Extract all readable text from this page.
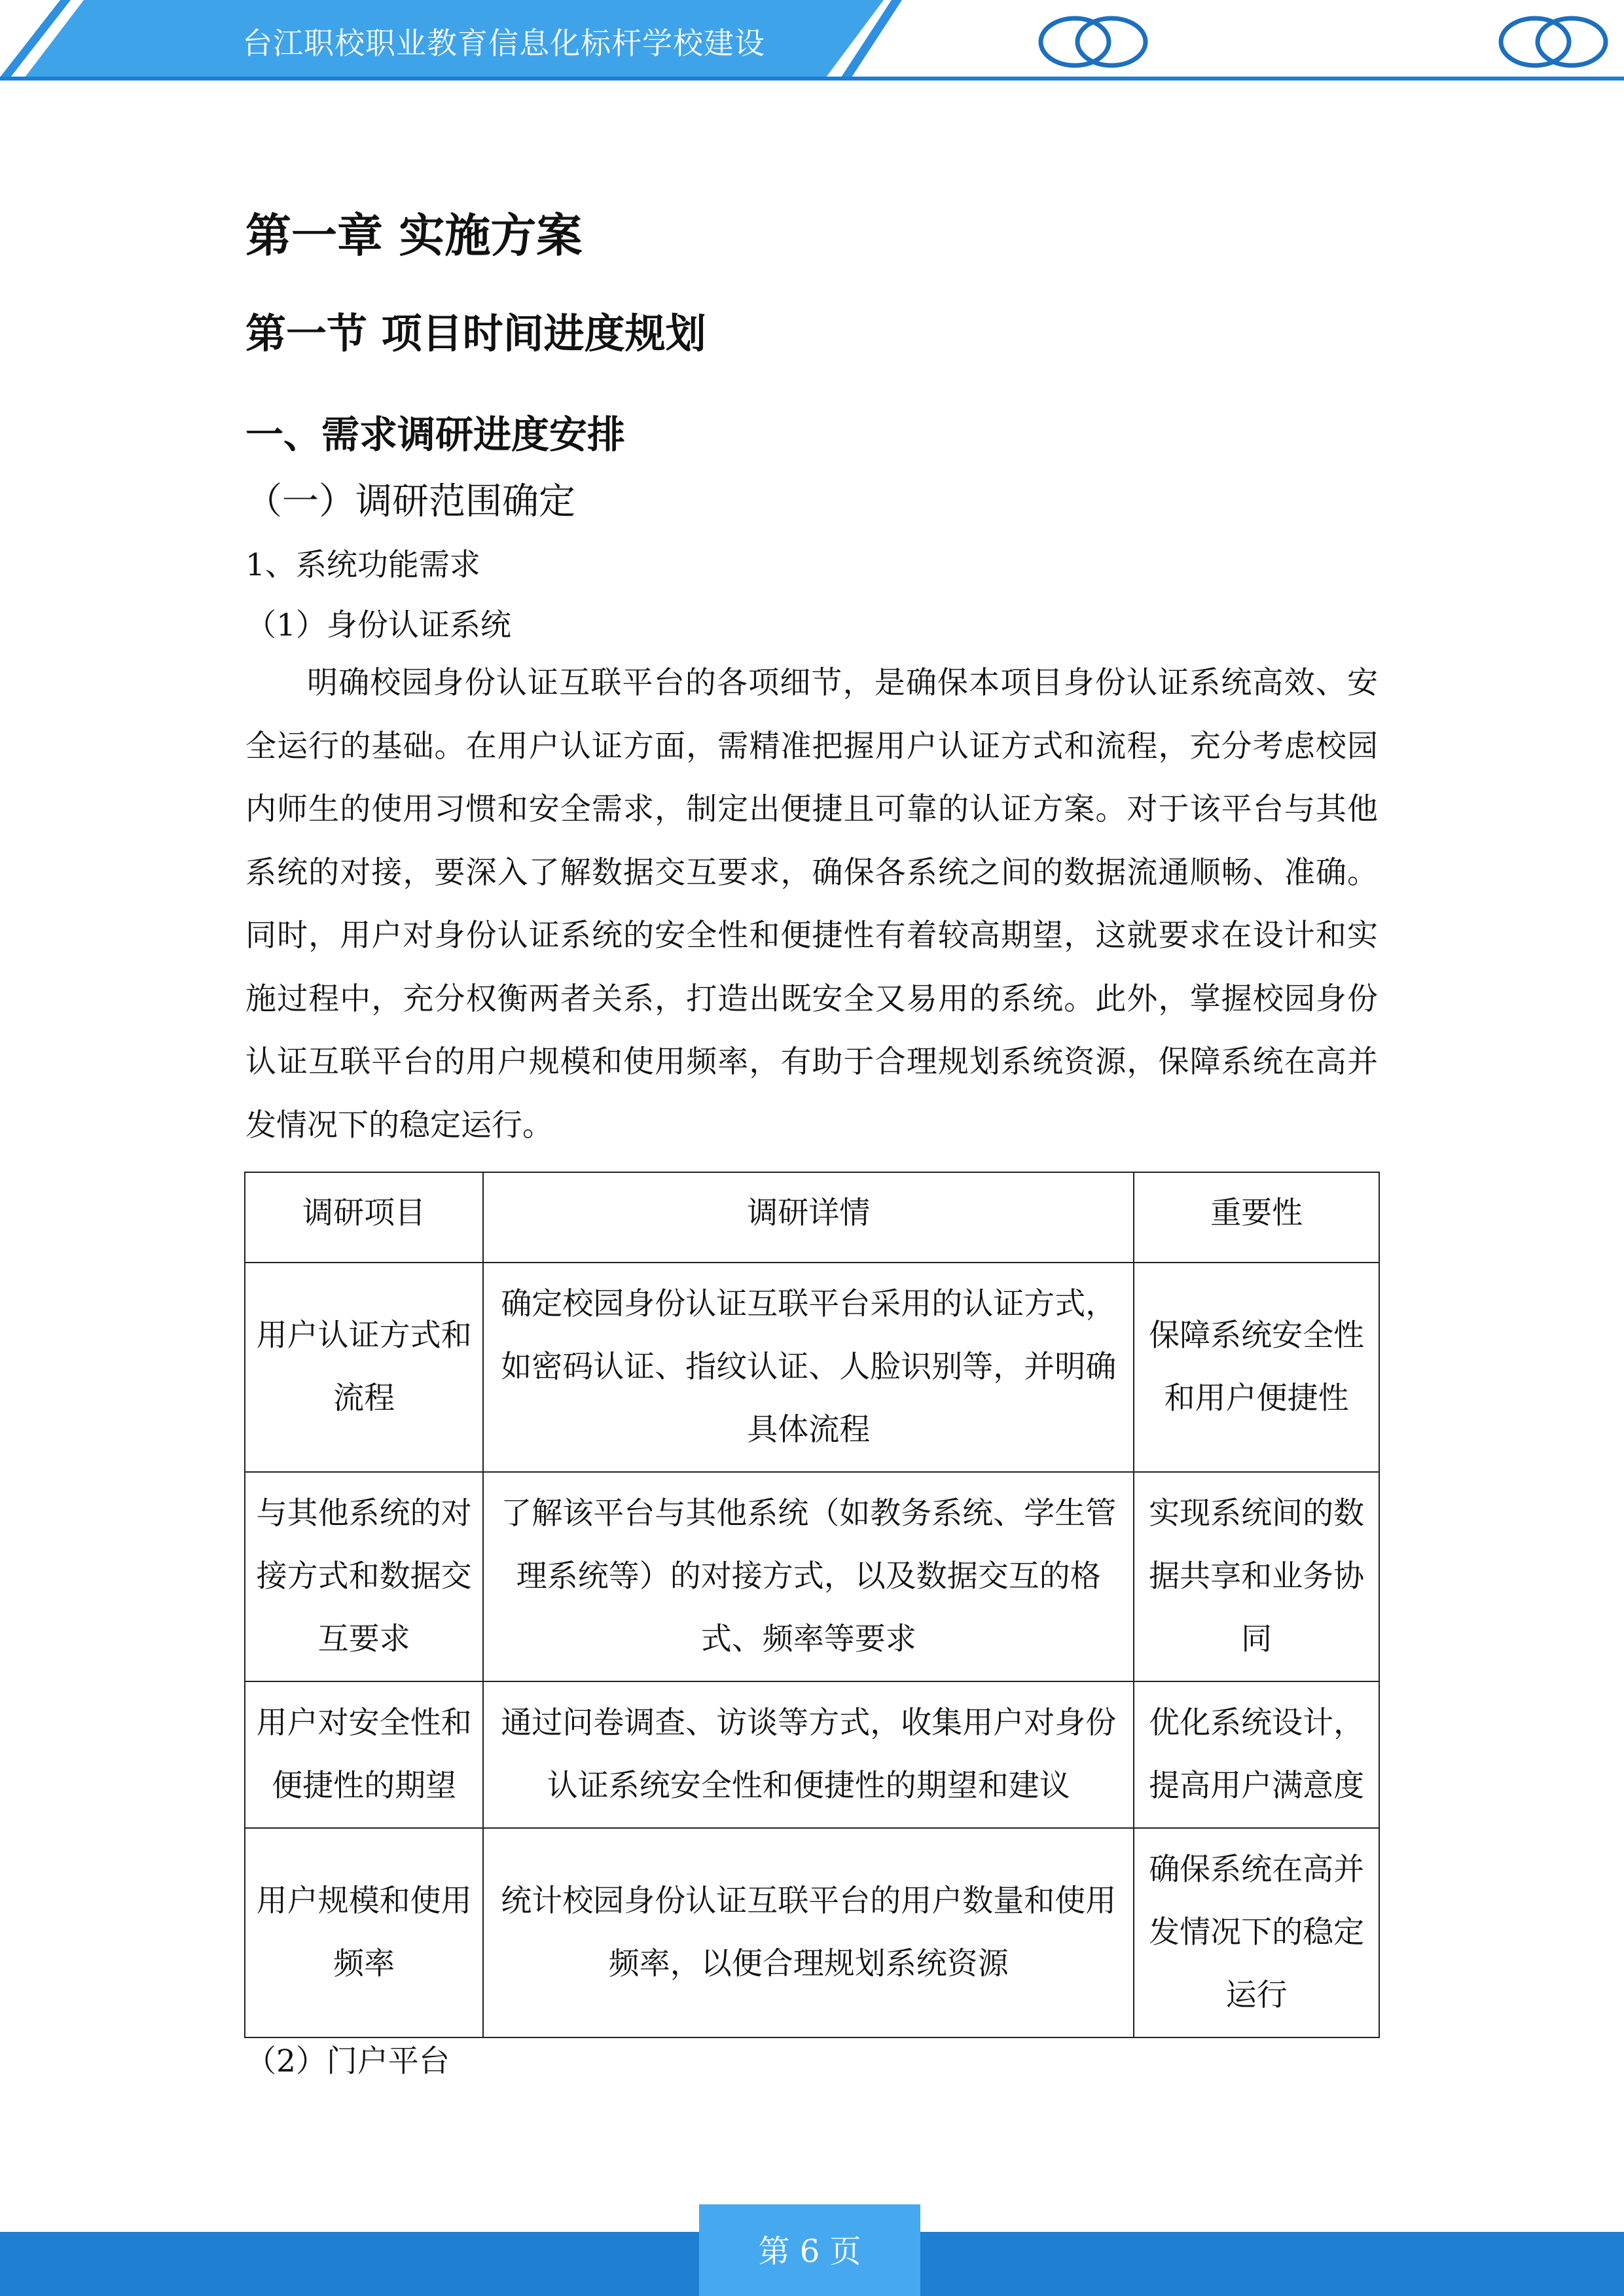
台江职校职业教育信息化标杆学校建设
第一章 实施方案
第一节 项目时间进度规划
一、需求调研进度安排
（一）调研范围确定
1、系统功能需求
（1）身份认证系统

明确校园身份认证互联平台的各项细节，是确保本项目身份认证系统高效、安全运行的基础。在用户认证方面，需精准把握用户认证方式和流程，充分考虑校园内师生的使用习惯和安全需求，制定出便捷且可靠的认证方案。对于该平台与其他系统的对接，要深入了解数据交互要求，确保各系统之间的数据流通顺畅、准确。同时，用户对身份认证系统的安全性和便捷性有着较高期望，这就要求在设计和实施过程中，充分权衡两者关系，打造出既安全又易用的系统。此外，掌握校园身份认证互联平台的用户规模和使用频率，有助于合理规划系统资源，保障系统在高并发情况下的稳定运行。

调研项目	调研详情	重要性
用户认证方式和流程	确定校园身份认证互联平台采用的认证方式，如密码认证、指纹认证、人脸识别等，并明确具体流程	保障系统安全性和用户便捷性
与其他系统的对接方式和数据交互要求	了解该平台与其他系统（如教务系统、学生管理系统等）的对接方式，以及数据交互的格式、频率等要求	实现系统间的数据共享和业务协同
用户对安全性和便捷性的期望	通过问卷调查、访谈等方式，收集用户对身份认证系统安全性和便捷性的期望和建议	优化系统设计，提高用户满意度
用户规模和使用频率	统计校园身份认证互联平台的用户数量和使用频率，以便合理规划系统资源	确保系统在高并发情况下的稳定运行
（2）门户平台
第 6 页
